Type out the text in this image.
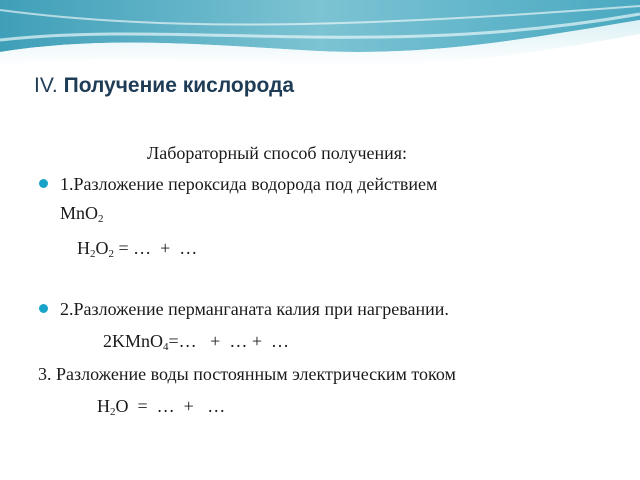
IV. Получение кислорода
Лабораторный способ получения:
1.Разложение пероксида водорода под действием
MnO$_2$
$H_2O_2$ = …  +  …
2.Разложение перманганата калия при нагревании.
2KMnO$_4$=…   +  … +  …
3. Разложение воды постоянным электрическим током
$H_2O$  =  …  +   …
